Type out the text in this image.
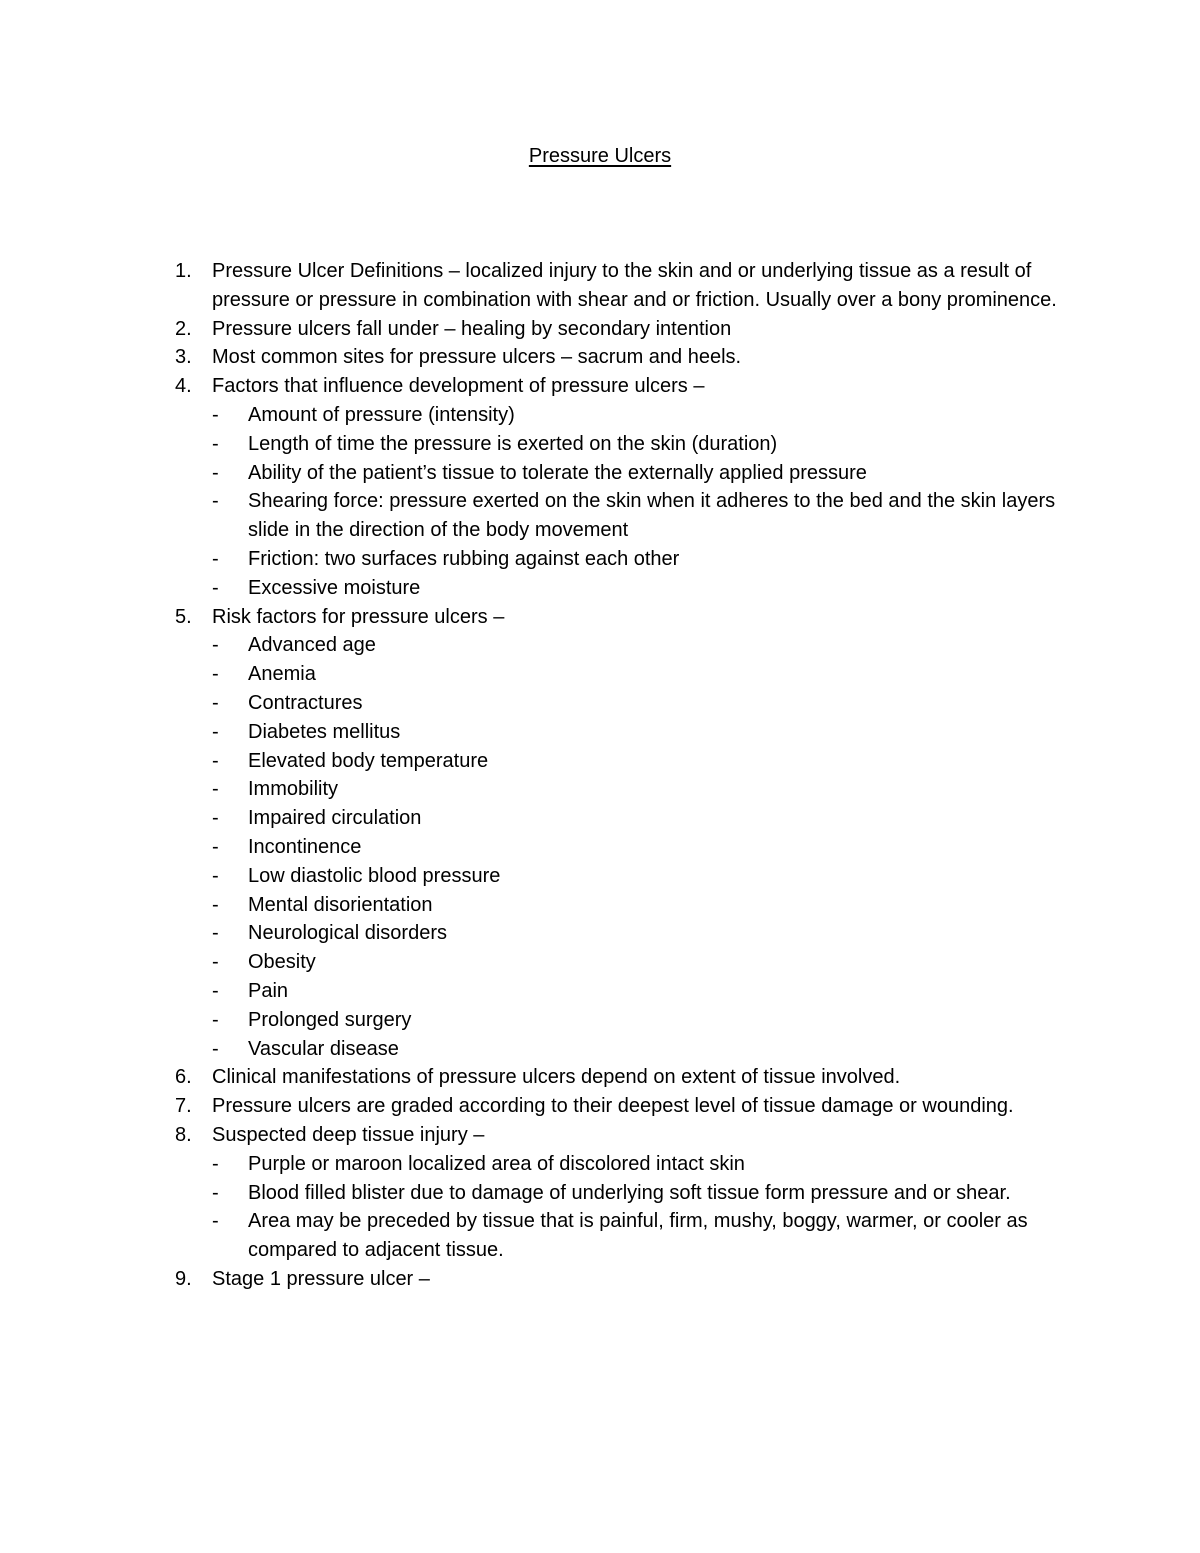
Pressure Ulcers
1. Pressure Ulcer Definitions – localized injury to the skin and or underlying tissue as a result of pressure or pressure in combination with shear and or friction. Usually over a bony prominence.
2. Pressure ulcers fall under – healing by secondary intention
3. Most common sites for pressure ulcers – sacrum and heels.
4. Factors that influence development of pressure ulcers –
- Amount of pressure (intensity)
- Length of time the pressure is exerted on the skin (duration)
- Ability of the patient’s tissue to tolerate the externally applied pressure
- Shearing force: pressure exerted on the skin when it adheres to the bed and the skin layers slide in the direction of the body movement
- Friction: two surfaces rubbing against each other
- Excessive moisture
5. Risk factors for pressure ulcers –
- Advanced age
- Anemia
- Contractures
- Diabetes mellitus
- Elevated body temperature
- Immobility
- Impaired circulation
- Incontinence
- Low diastolic blood pressure
- Mental disorientation
- Neurological disorders
- Obesity
- Pain
- Prolonged surgery
- Vascular disease
6. Clinical manifestations of pressure ulcers depend on extent of tissue involved.
7. Pressure ulcers are graded according to their deepest level of tissue damage or wounding.
8. Suspected deep tissue injury –
- Purple or maroon localized area of discolored intact skin
- Blood filled blister due to damage of underlying soft tissue form pressure and or shear.
- Area may be preceded by tissue that is painful, firm, mushy, boggy, warmer, or cooler as compared to adjacent tissue.
9. Stage 1 pressure ulcer –
